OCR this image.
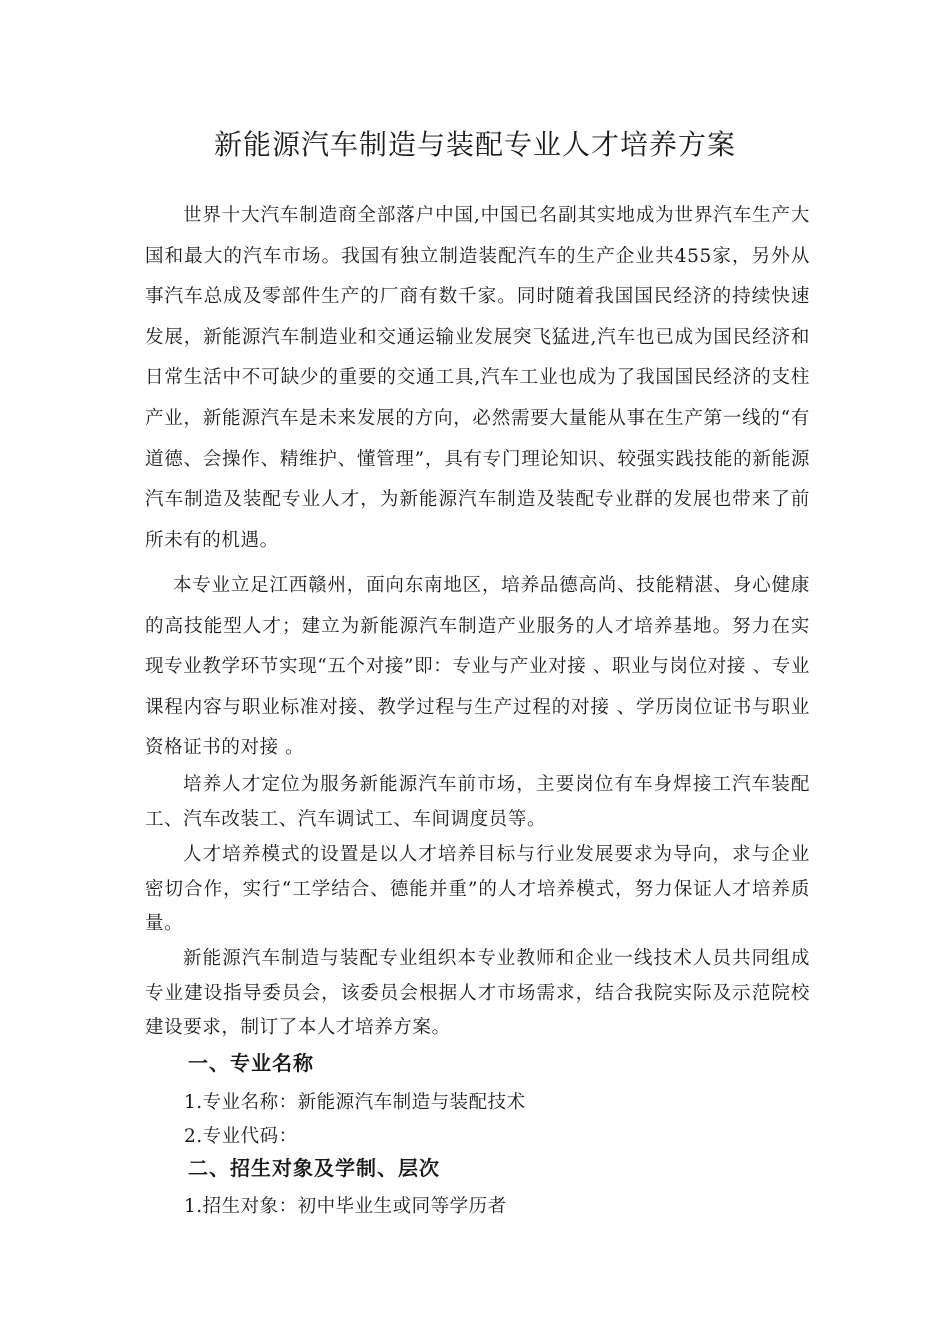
新能源汽车制造与装配专业人才培养方案

世界十大汽车制造商全部落户中国,中国已名副其实地成为世界汽车生产大国和最大的汽车市场。我国有独立制造装配汽车的生产企业共455家，另外从事汽车总成及零部件生产的厂商有数千家。同时随着我国国民经济的持续快速发展，新能源汽车制造业和交通运输业发展突飞猛进,汽车也已成为国民经济和日常生活中不可缺少的重要的交通工具,汽车工业也成为了我国国民经济的支柱产业，新能源汽车是未来发展的方向，必然需要大量能从事在生产第一线的“有道德、会操作、精维护、懂管理”，具有专门理论知识、较强实践技能的新能源汽车制造及装配专业人才，为新能源汽车制造及装配专业群的发展也带来了前所未有的机遇。

本专业立足江西赣州，面向东南地区，培养品德高尚、技能精湛、身心健康的高技能型人才；建立为新能源汽车制造产业服务的人才培养基地。努力在实现专业教学环节实现“五个对接”即：专业与产业对接 、职业与岗位对接 、专业课程内容与职业标准对接、教学过程与生产过程的对接 、学历岗位证书与职业资格证书的对接 。

培养人才定位为服务新能源汽车前市场，主要岗位有车身焊接工汽车装配工、汽车改装工、汽车调试工、车间调度员等。

人才培养模式的设置是以人才培养目标与行业发展要求为导向，求与企业密切合作，实行“工学结合、德能并重”的人才培养模式，努力保证人才培养质量。

新能源汽车制造与装配专业组织本专业教师和企业一线技术人员共同组成专业建设指导委员会，该委员会根据人才市场需求，结合我院实际及示范院校建设要求，制订了本人才培养方案。

一、专业名称

1.专业名称：新能源汽车制造与装配技术

2.专业代码：

二、招生对象及学制、层次

1.招生对象：初中毕业生或同等学历者
